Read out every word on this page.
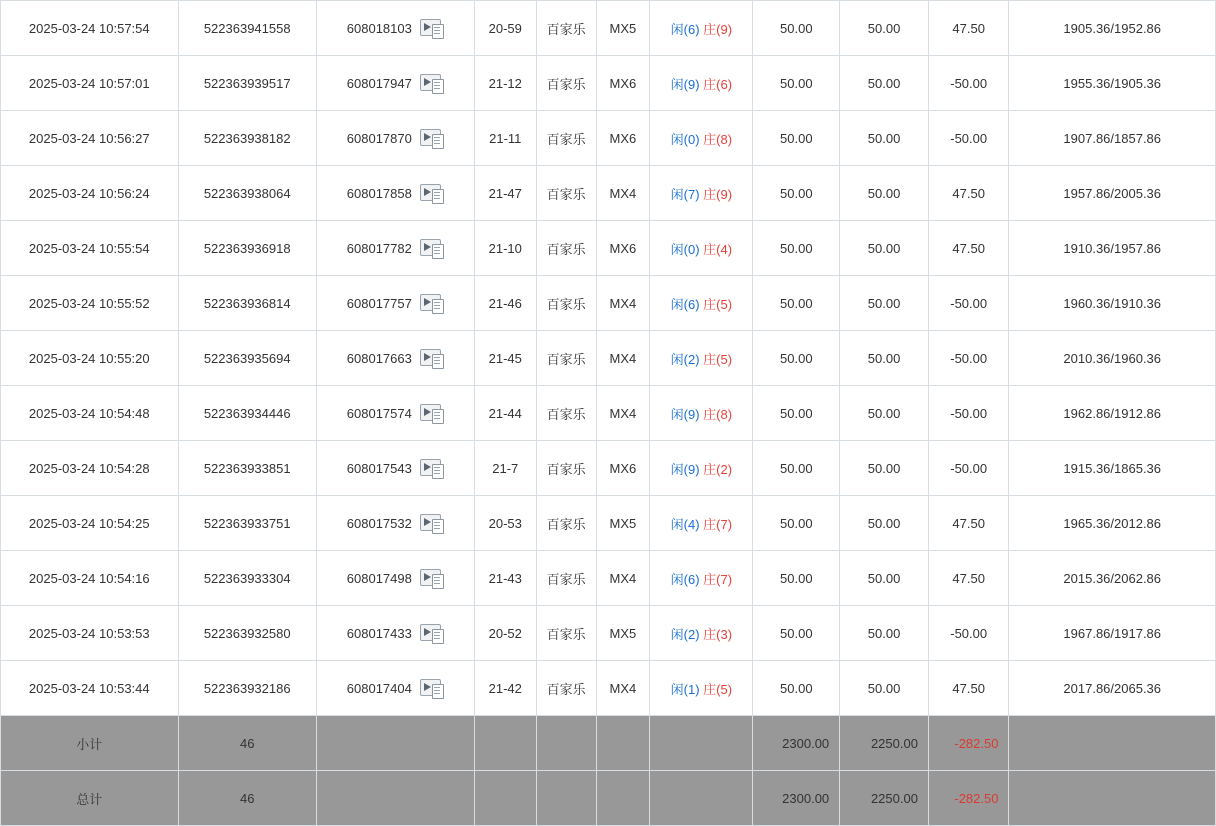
2025-03-24 10:57:54	522363941558	608018103	20-59	百家乐	MX5	闲(6) 庄(9)	50.00	50.00	47.50	1905.36/1952.86
2025-03-24 10:57:01	522363939517	608017947	21-12	百家乐	MX6	闲(9) 庄(6)	50.00	50.00	-50.00	1955.36/1905.36
2025-03-24 10:56:27	522363938182	608017870	21-11	百家乐	MX6	闲(0) 庄(8)	50.00	50.00	-50.00	1907.86/1857.86
2025-03-24 10:56:24	522363938064	608017858	21-47	百家乐	MX4	闲(7) 庄(9)	50.00	50.00	47.50	1957.86/2005.36
2025-03-24 10:55:54	522363936918	608017782	21-10	百家乐	MX6	闲(0) 庄(4)	50.00	50.00	47.50	1910.36/1957.86
2025-03-24 10:55:52	522363936814	608017757	21-46	百家乐	MX4	闲(6) 庄(5)	50.00	50.00	-50.00	1960.36/1910.36
2025-03-24 10:55:20	522363935694	608017663	21-45	百家乐	MX4	闲(2) 庄(5)	50.00	50.00	-50.00	2010.36/1960.36
2025-03-24 10:54:48	522363934446	608017574	21-44	百家乐	MX4	闲(9) 庄(8)	50.00	50.00	-50.00	1962.86/1912.86
2025-03-24 10:54:28	522363933851	608017543	21-7	百家乐	MX6	闲(9) 庄(2)	50.00	50.00	-50.00	1915.36/1865.36
2025-03-24 10:54:25	522363933751	608017532	20-53	百家乐	MX5	闲(4) 庄(7)	50.00	50.00	47.50	1965.36/2012.86
2025-03-24 10:54:16	522363933304	608017498	21-43	百家乐	MX4	闲(6) 庄(7)	50.00	50.00	47.50	2015.36/2062.86
2025-03-24 10:53:53	522363932580	608017433	20-52	百家乐	MX5	闲(2) 庄(3)	50.00	50.00	-50.00	1967.86/1917.86
2025-03-24 10:53:44	522363932186	608017404	21-42	百家乐	MX4	闲(1) 庄(5)	50.00	50.00	47.50	2017.86/2065.36
小计	46						2300.00	2250.00	-282.50	
总计	46						2300.00	2250.00	-282.50	
